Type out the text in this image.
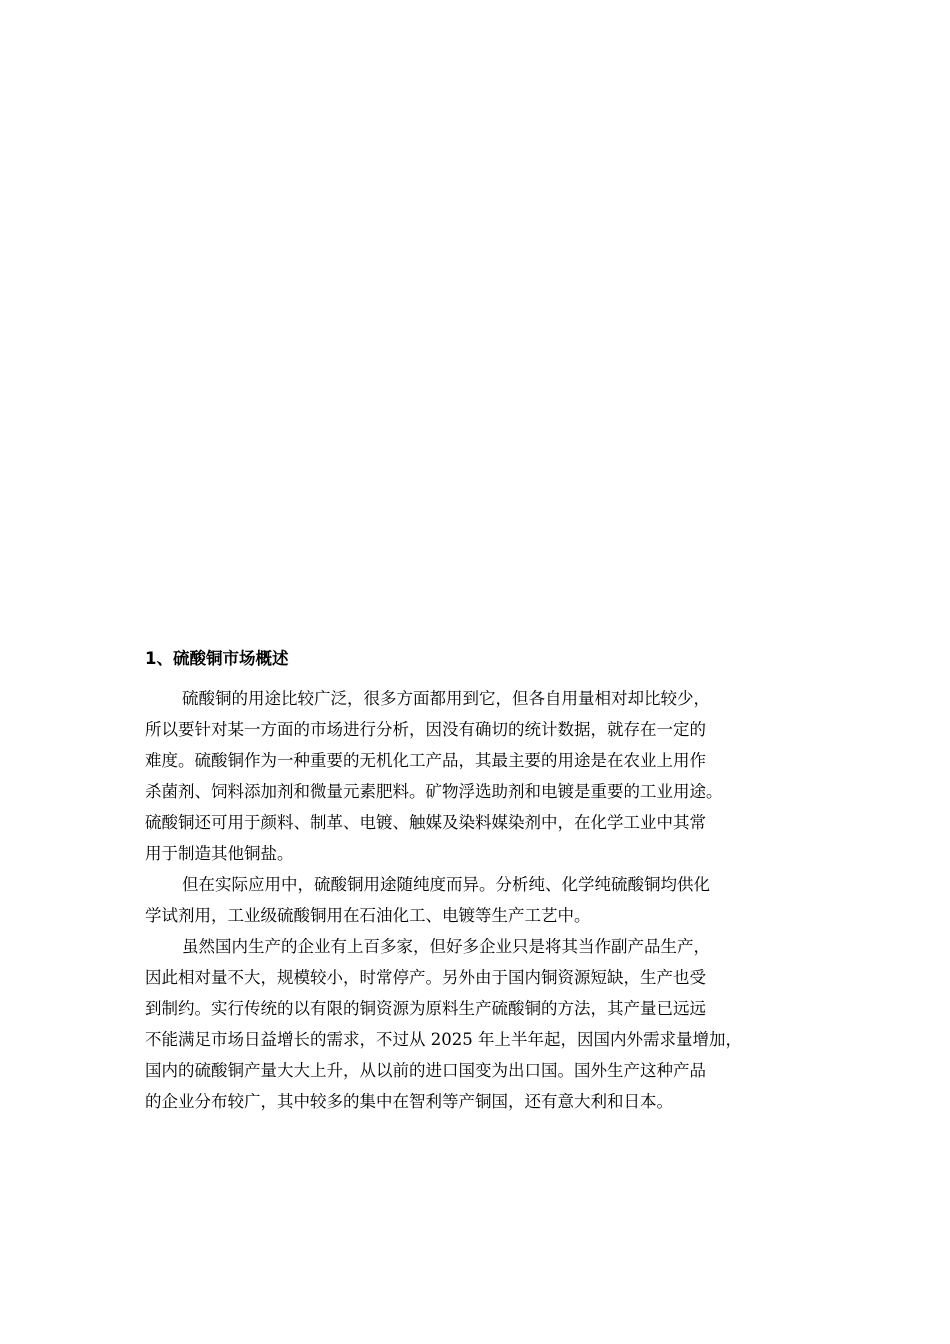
1、硫酸铜市场概述
硫酸铜的用途比较广泛，很多方面都用到它，但各自用量相对却比较少，
所以要针对某一方面的市场进行分析，因没有确切的统计数据，就存在一定的
难度。硫酸铜作为一种重要的无机化工产品，其最主要的用途是在农业上用作
杀菌剂、饲料添加剂和微量元素肥料。矿物浮选助剂和电镀是重要的工业用途。
硫酸铜还可用于颜料、制革、电镀、触媒及染料媒染剂中，在化学工业中其常
用于制造其他铜盐。
但在实际应用中，硫酸铜用途随纯度而异。分析纯、化学纯硫酸铜均供化
学试剂用，工业级硫酸铜用在石油化工、电镀等生产工艺中。
虽然国内生产的企业有上百多家，但好多企业只是将其当作副产品生产，
因此相对量不大，规模较小，时常停产。另外由于国内铜资源短缺，生产也受
到制约。实行传统的以有限的铜资源为原料生产硫酸铜的方法，其产量已远远
不能满足市场日益增长的需求，不过从 2025 年上半年起，因国内外需求量增加，
国内的硫酸铜产量大大上升，从以前的进口国变为出口国。国外生产这种产品
的企业分布较广，其中较多的集中在智利等产铜国，还有意大利和日本。
